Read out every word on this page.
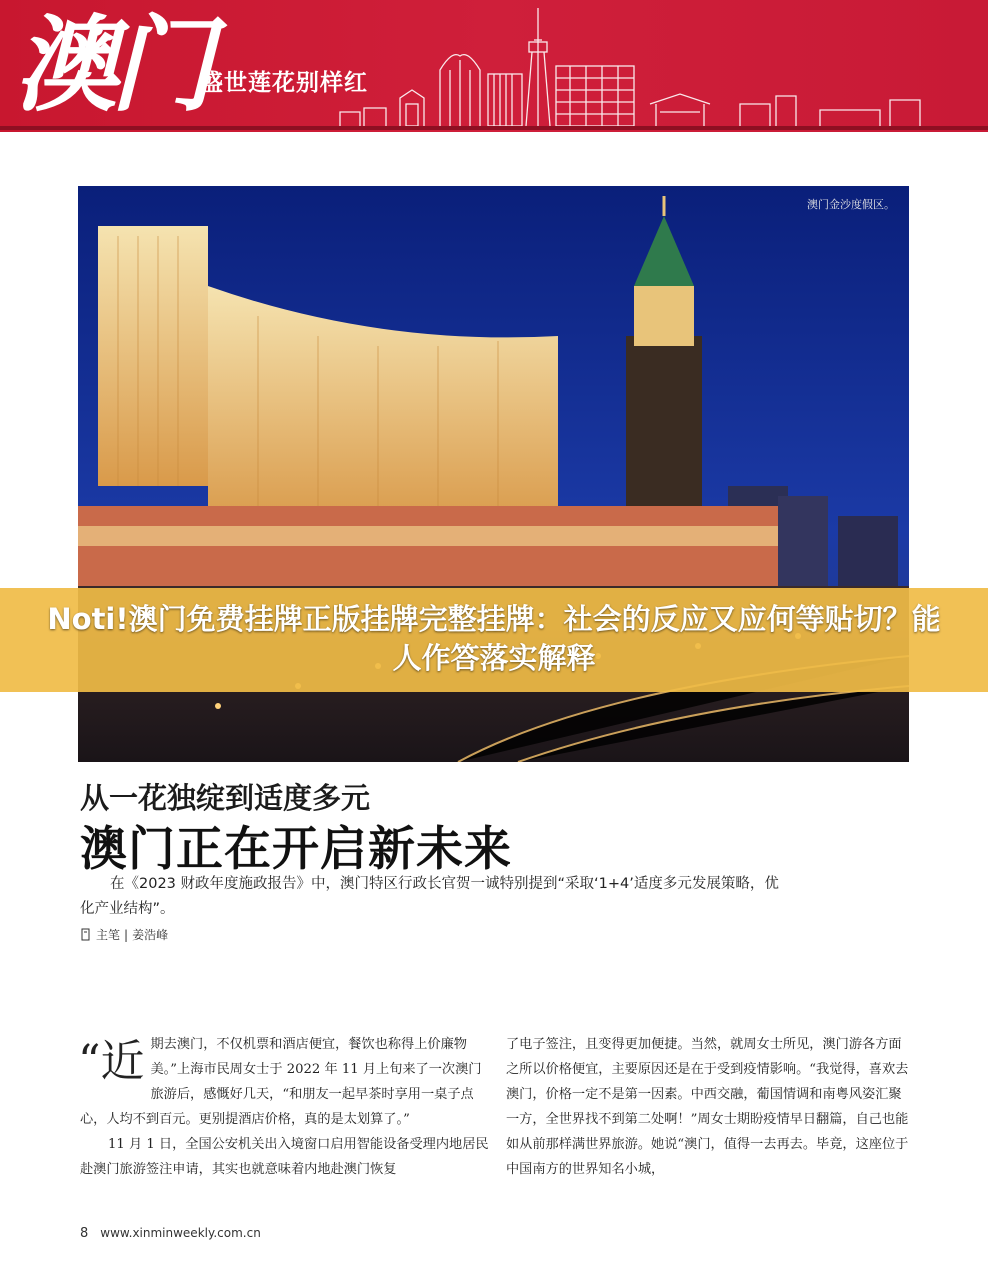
澳门
盛世莲花别样红
澳门金沙度假区。
Noti!澳门免费挂牌正版挂牌完整挂牌：社会的反应又应何等贴切？能人作答落实解释
从一花独绽到适度多元
澳门正在开启新未来
在《2023 财政年度施政报告》中，澳门特区行政长官贺一诚特别提到“采取‘1+4’适度多元发展策略，优化产业结构”。
主笔 | 姜浩峰

“近 期去澳门，不仅机票和酒店便宜，餐饮也称得上价廉物美。”上海市民周女士于 2022 年 11 月上旬来了一次澳门旅游后，感慨好几天，“和朋友一起早茶时享用一桌子点心，人均不到百元。更别提酒店价格，真的是太划算了。”

11 月 1 日，全国公安机关出入境窗口启用智能设备受理内地居民赴澳门旅游签注申请，其实也就意味着内地赴澳门恢复

了电子签注，且变得更加便捷。当然，就周女士所见，澳门游各方面之所以价格便宜，主要原因还是在于受到疫情影响。“我觉得，喜欢去澳门，价格一定不是第一因素。中西交融，葡国情调和南粤风姿汇聚一方，全世界找不到第二处啊！”周女士期盼疫情早日翻篇，自己也能如从前那样满世界旅游。她说“澳门，值得一去再去。毕竟，这座位于中国南方的世界知名小城，

8 www.xinminweekly.com.cn
